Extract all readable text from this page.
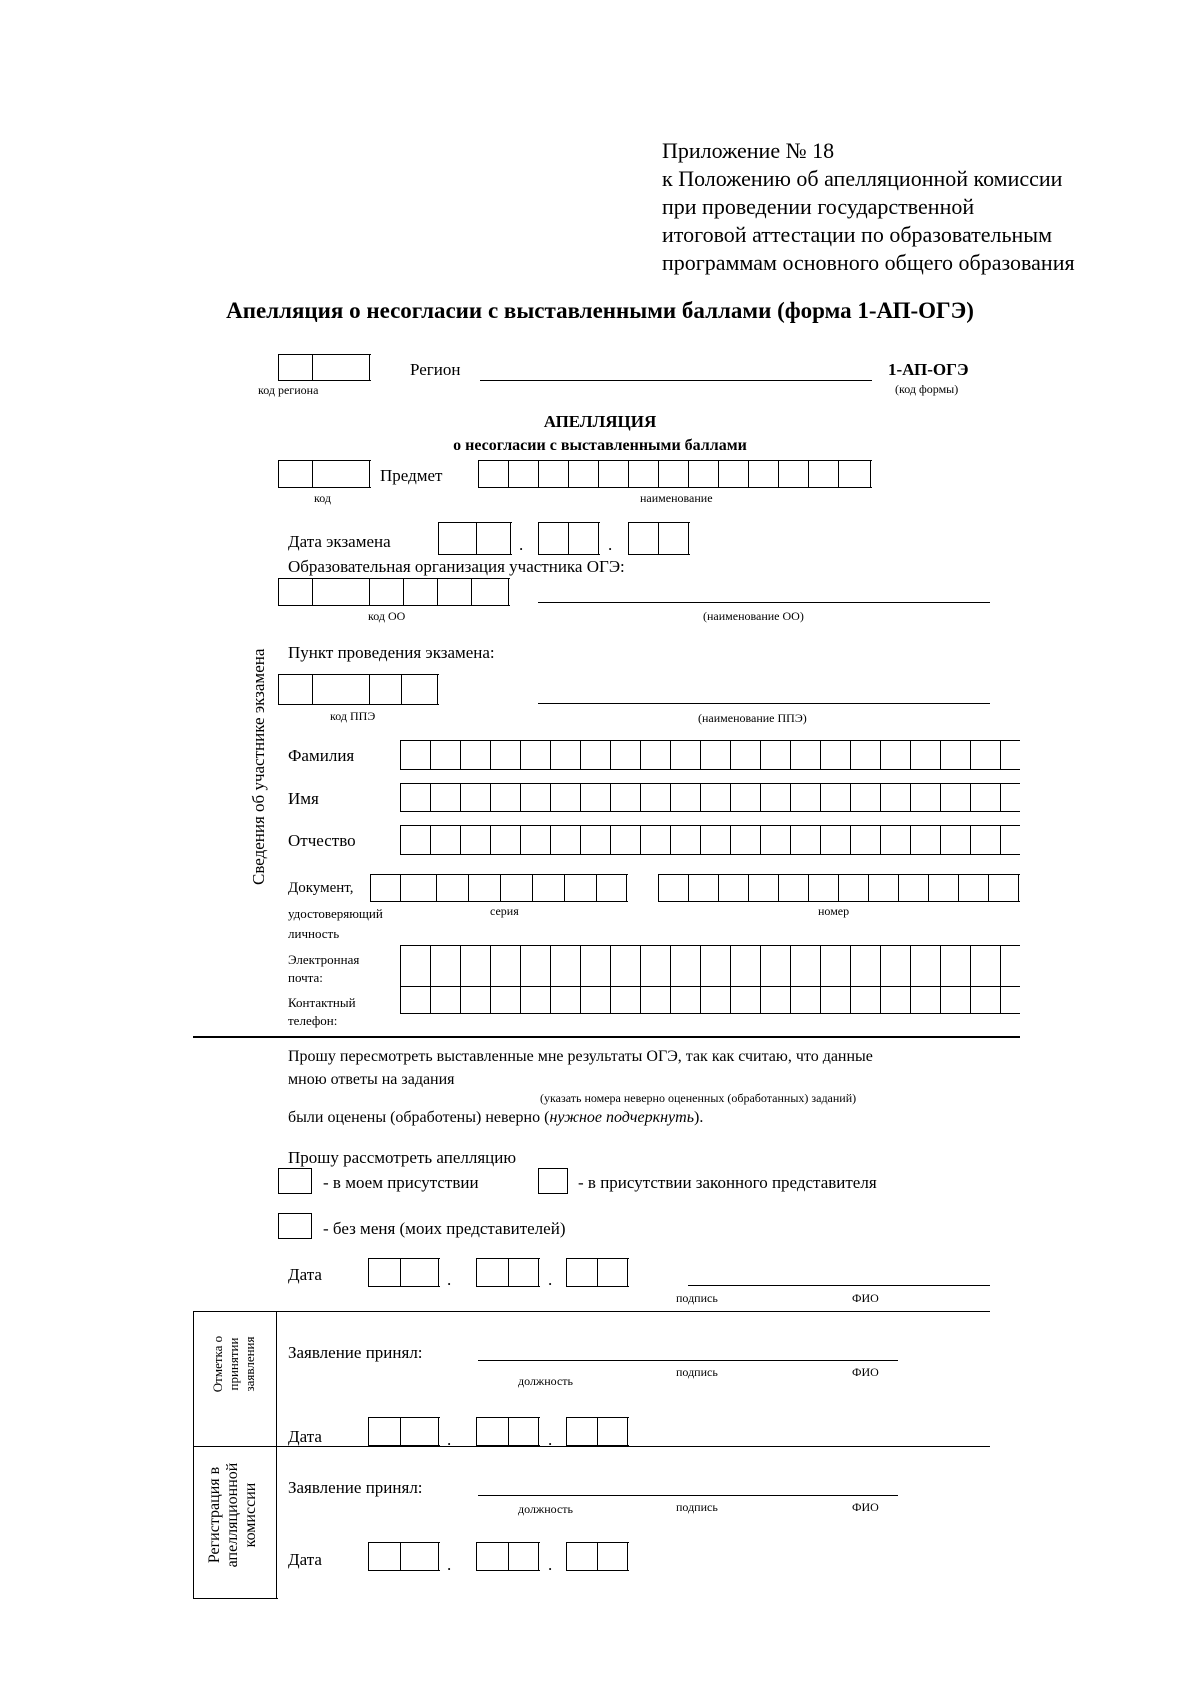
Приложение № 18
к Положению об апелляционной комиссии
при проведении государственной
итоговой аттестации по образовательным
программам основного общего образования
Апелляция о несогласии с выставленными баллами (форма 1-АП-ОГЭ)
код региона
Регион	1-АП-ОГЭ
(код формы)
АПЕЛЛЯЦИЯ
о несогласии с выставленными баллами
Предмет
код	наименование
Дата экзамена	.	.
Образовательная организация участника ОГЭ:
код ОО	(наименование ОО)
Пункт проведения экзамена:
код ППЭ	(наименование ППЭ)
Сведения об участнике экзамена Фамилия
Имя
Отчество
Документ,
удостоверяющий
личность
серия	номер
Электронная
почта:
Контактный
телефон:
Прошу пересмотреть выставленные мне результаты ОГЭ, так как считаю, что данные
мною ответы на задания
(указать номера неверно оцененных (обработанных) заданий)
были оценены (обработены) неверно (нужное подчеркнуть).
Прошу рассмотреть апелляцию
- в моем присутствии	- в присутствии законного представителя
- без меня (моих представителей)
Дата	.	.
подпись	ФИО
Отметка о принятии заявления Заявление принял:
должность
подпись	ФИО
Дата	.	.
Регистрация в апелляционной комиссии Заявление принял:
должность	подпись	ФИО
Дата	.	.
